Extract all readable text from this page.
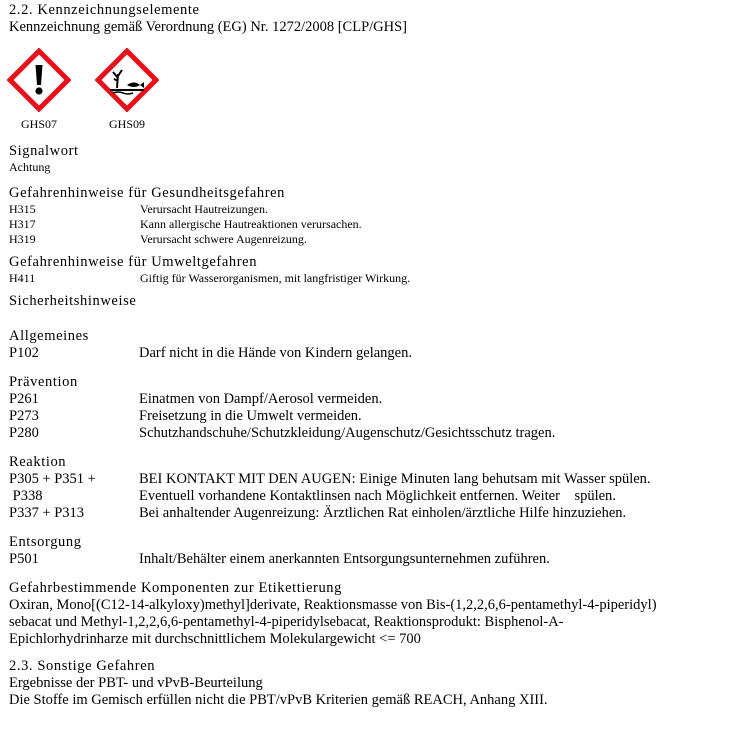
2.2. Kennzeichnungselemente
Kennzeichnung gemäß Verordnung (EG) Nr. 1272/2008 [CLP/GHS]
GHS07	GHS09
Signalwort
Achtung
Gefahrenhinweise für Gesundheitsgefahren
H315	Verursacht Hautreizungen.
H317	Kann allergische Hautreaktionen verursachen.
H319	Verursacht schwere Augenreizung.
Gefahrenhinweise für Umweltgefahren
H411	Giftig für Wasserorganismen, mit langfristiger Wirkung.
Sicherheitshinweise
Allgemeines
P102	Darf nicht in die Hände von Kindern gelangen.
Prävention
P261	Einatmen von Dampf/Aerosol vermeiden.
P273	Freisetzung in die Umwelt vermeiden.
P280	Schutzhandschuhe/Schutzkleidung/Augenschutz/Gesichtsschutz tragen.
Reaktion
P305 + P351 +	BEI KONTAKT MIT DEN AUGEN: Einige Minuten lang behutsam mit Wasser spülen.
P338	Eventuell vorhandene Kontaktlinsen nach Möglichkeit entfernen. Weiter    spülen.
P337 + P313	Bei anhaltender Augenreizung: Ärztlichen Rat einholen/ärztliche Hilfe hinzuziehen.
Entsorgung
P501	Inhalt/Behälter einem anerkannten Entsorgungsunternehmen zuführen.
Gefahrbestimmende Komponenten zur Etikettierung
Oxiran, Mono[(C12-14-alkyloxy)methyl]derivate, Reaktionsmasse von Bis-(1,2,2,6,6-pentamethyl-4-piperidyl)
sebacat und Methyl-1,2,2,6,6-pentamethyl-4-piperidylsebacat, Reaktionsprodukt: Bisphenol-A-
Epichlorhydrinharze mit durchschnittlichem Molekulargewicht <= 700
2.3. Sonstige Gefahren
Ergebnisse der PBT- und vPvB-Beurteilung
Die Stoffe im Gemisch erfüllen nicht die PBT/vPvB Kriterien gemäß REACH, Anhang XIII.
